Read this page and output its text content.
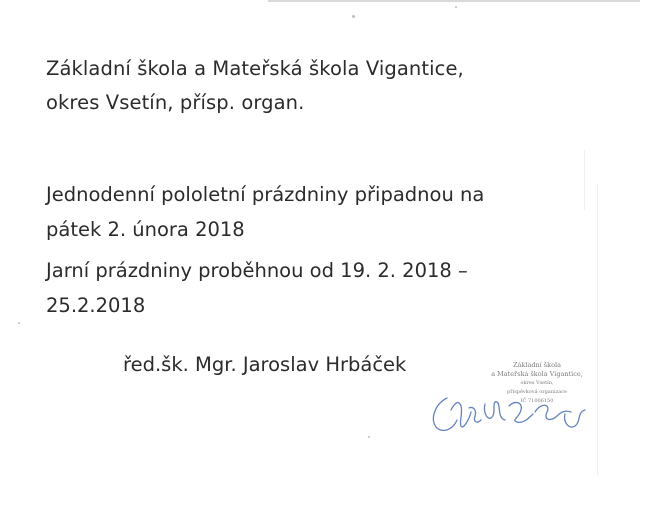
Základní škola a Mateřská škola Vigantice,
okres Vsetín, přísp. organ.
Jednodenní pololetní prázdniny připadnou na
pátek 2. února 2018
Jarní prázdniny proběhnou od 19. 2. 2018 –
25.2.2018
řed.šk. Mgr. Jaroslav Hrbáček	Základní škola
a Mateřská škola Vigantice,
okres Vsetín,
příspěvková organizace
IČ 71006150
